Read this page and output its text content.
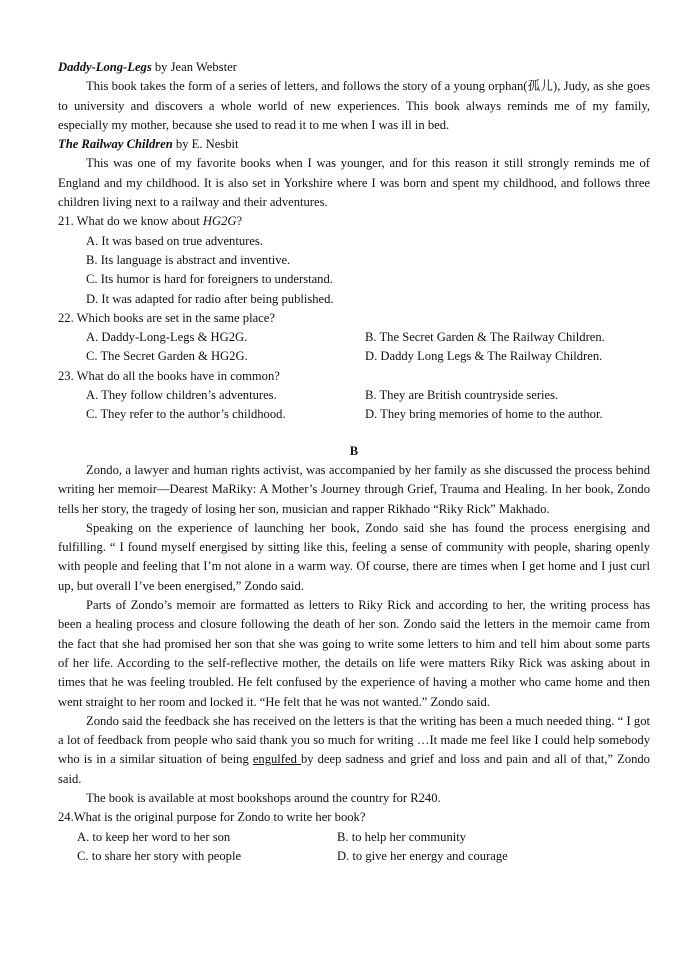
Daddy-Long-Legs by Jean Webster

This book takes the form of a series of letters, and follows the story of a young orphan(孤儿), Judy, as she goes to university and discovers a whole world of new experiences. This book always reminds me of my family, especially my mother, because she used to read it to me when I was ill in bed.

The Railway Children by E. Nesbit

This was one of my favorite books when I was younger, and for this reason it still strongly reminds me of England and my childhood. It is also set in Yorkshire where I was born and spent my childhood, and follows three children living next to a railway and their adventures.

21. What do we know about HG2G?

A. It was based on true adventures.

B. Its language is abstract and inventive.

C. Its humor is hard for foreigners to understand.

D. It was adapted for radio after being published.

22. Which books are set in the same place?

A. Daddy-Long-Legs & HG2G.	B. The Secret Garden & The Railway Children.
C. The Secret Garden & HG2G.	D. Daddy Long Legs & The Railway Children.

23. What do all the books have in common?

A. They follow children’s adventures.	B. They are British countryside series.
C. They refer to the author’s childhood.	D. They bring memories of home to the author.

B

Zondo, a lawyer and human rights activist, was accompanied by her family as she discussed the process behind writing her memoir—Dearest MaRiky: A Mother’s Journey through Grief, Trauma and Healing. In her book, Zondo tells her story, the tragedy of losing her son, musician and rapper Rikhado “Riky Rick” Makhado.

Speaking on the experience of launching her book, Zondo said she has found the process energising and fulfilling. “ I found myself energised by sitting like this, feeling a sense of community with people, sharing openly with people and feeling that I’m not alone in a warm way. Of course, there are times when I get home and I just curl up, but overall I’ve been energised,” Zondo said.

Parts of Zondo’s memoir are formatted as letters to Riky Rick and according to her, the writing process has been a healing process and closure following the death of her son. Zondo said the letters in the memoir came from the fact that she had promised her son that she was going to write some letters to him and tell him about some parts of her life. According to the self-reflective mother, the details on life were matters Riky Rick was asking about in times that he was feeling troubled. He felt confused by the experience of having a mother who came home and then went straight to her room and locked it. “He felt that he was not wanted.” Zondo said.

Zondo said the feedback she has received on the letters is that the writing has been a much needed thing. “ I got a lot of feedback from people who said thank you so much for writing …It made me feel like I could help somebody who is in a similar situation of being engulfed by deep sadness and grief and loss and pain and all of that,” Zondo said.

The book is available at most bookshops around the country for R240.

24.What is the original purpose for Zondo to write her book?

A. to keep her word to her son	B. to help her community
C. to share her story with people	D. to give her energy and courage
